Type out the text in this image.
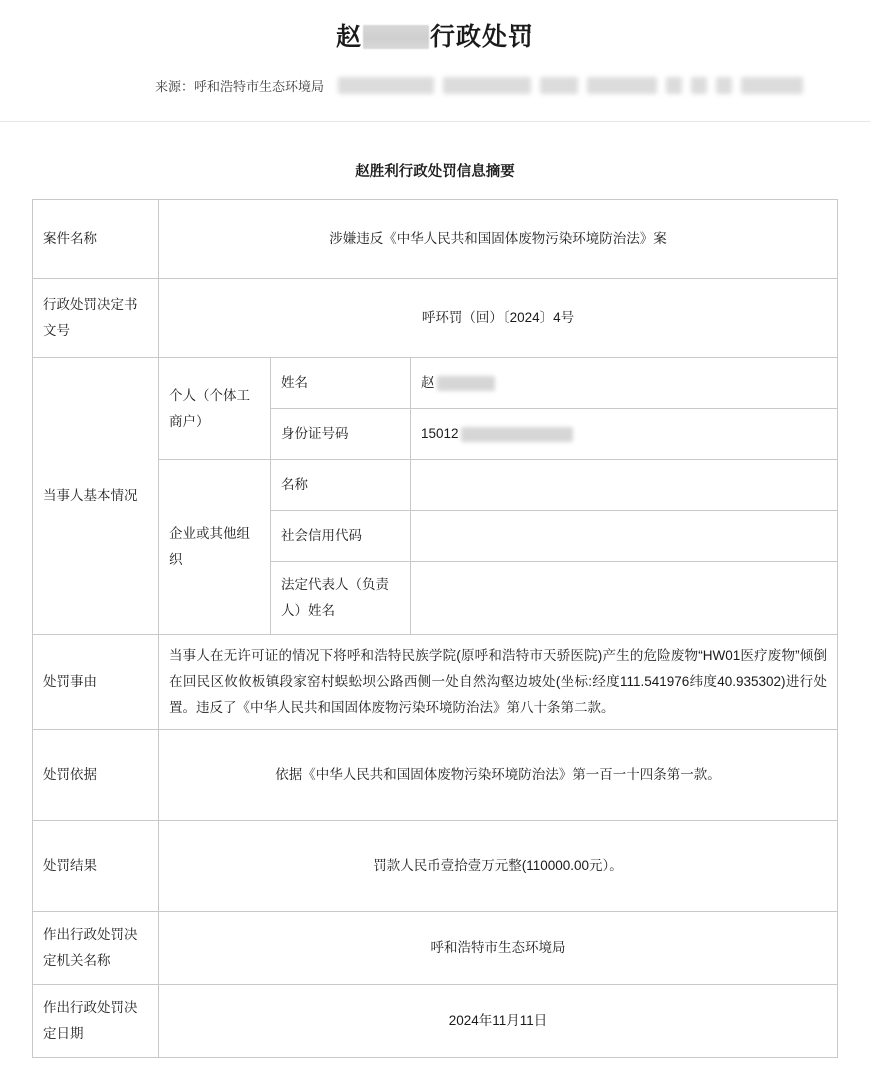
赵	行政处罚
来源：呼和浩特市生态环境局
赵胜利行政处罚信息摘要
案件名称	涉嫌违反《中华人民共和国固体废物污染环境防治法》案		
行政处罚决定书文号	呼环罚（回）〔2024〕4号		
当事人基本情况	个人（个体工商户）	姓名	赵
		身份证号码	15012
	企业或其他组织	名称	
		社会信用代码	
		法定代表人（负责人）姓名	
处罚事由	当事人在无许可证的情况下将呼和浩特民族学院(原呼和浩特市天骄医院)产生的危险废物“HW01医疗废物”倾倒在回民区攸攸板镇段家窑村蜈蚣坝公路西侧一处自然沟壑边坡处(坐标:经度111.541976纬度40.935302)进行处置。违反了《中华人民共和国固体废物污染环境防治法》第八十条第二款。		
处罚依据	依据《中华人民共和国固体废物污染环境防治法》第一百一十四条第一款。		
处罚结果	罚款人民币壹拾壹万元整(110000.00元）。		
作出行政处罚决定机关名称	呼和浩特市生态环境局		
作出行政处罚决定日期	2024年11月11日		
